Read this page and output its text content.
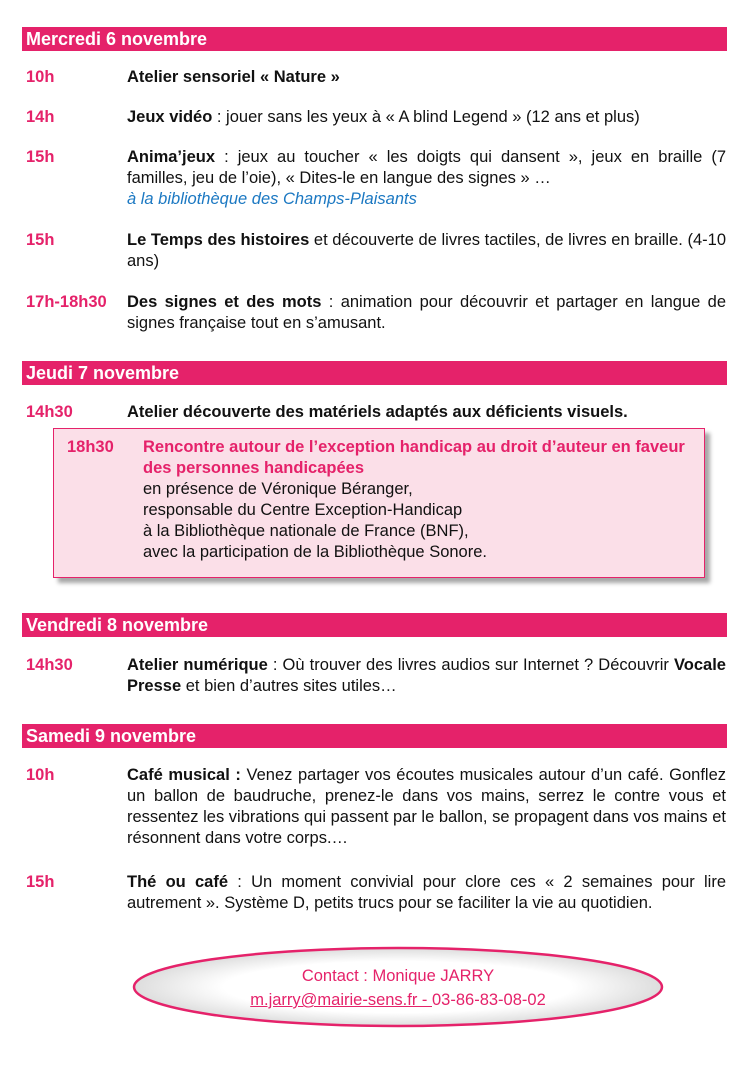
Mercredi 6 novembre
10h	Atelier sensoriel « Nature »
14h	Jeux vidéo : jouer sans les yeux à « A blind Legend » (12 ans et plus)
15h	Anima’jeux : jeux au toucher « les doigts qui dansent », jeux en braille (7 familles, jeu de l’oie), « Dites-le en langue des signes » …
à la bibliothèque des Champs-Plaisants
15h	Le Temps des histoires et découverte de livres tactiles, de livres en braille. (4-10 ans)
17h-18h30 Des signes et des mots : animation pour découvrir et partager en langue de signes française tout en s’amusant.
Jeudi 7 novembre
14h30	Atelier découverte des matériels adaptés aux déficients visuels.
18h30 Rencontre autour de l’exception handicap au droit d’auteur en faveur des personnes handicapées
en présence de Véronique Béranger,
responsable du Centre Exception-Handicap
à la Bibliothèque nationale de France (BNF),
avec la participation de la Bibliothèque Sonore.
Vendredi 8 novembre
14h30	Atelier numérique : Où trouver des livres audios sur Internet ? Découvrir Vocale Presse et bien d’autres sites utiles…
Samedi 9 novembre
10h	Café musical : Venez partager vos écoutes musicales autour d’un café. Gonflez un ballon de baudruche, prenez-le dans vos mains, serrez le contre vous et ressentez les vibrations qui passent par le ballon, se propagent dans vos mains et résonnent dans votre corps.…
15h	Thé ou café : Un moment convivial pour clore ces « 2 semaines pour lire autrement ». Système D, petits trucs pour se faciliter la vie au quotidien.
Contact : Monique JARRY
m.jarry@mairie-sens.fr - 03-86-83-08-02
